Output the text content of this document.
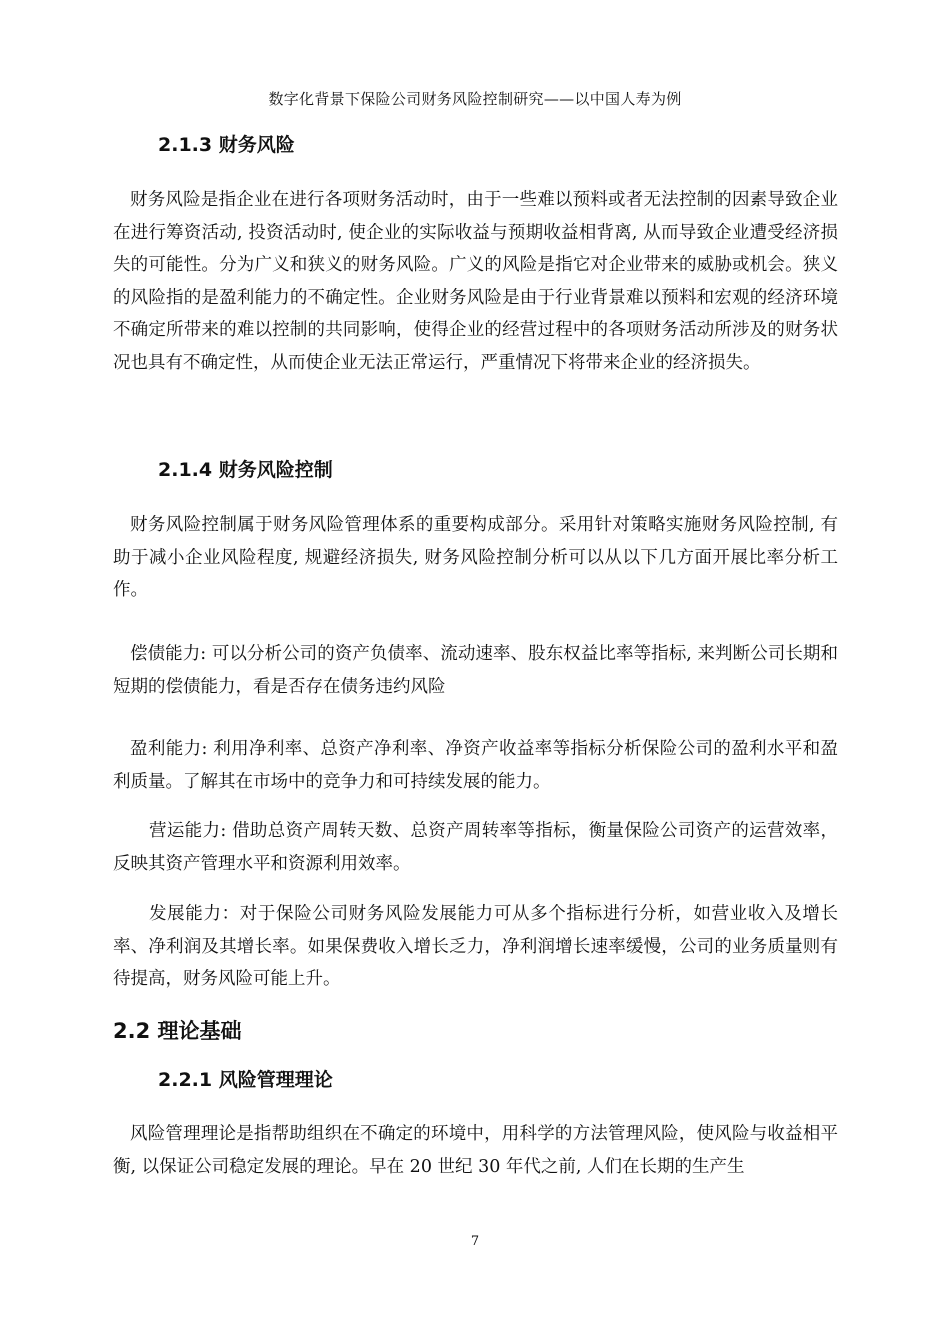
数字化背景下保险公司财务风险控制研究——以中国人寿为例
2.1.3 财务风险

财务风险是指企业在进行各项财务活动时，由于一些难以预料或者无法控制的因素导致企业在进行筹资活动, 投资活动时, 使企业的实际收益与预期收益相背离, 从而导致企业遭受经济损失的可能性。分为广义和狭义的财务风险。广义的风险是指它对企业带来的威胁或机会。狭义的风险指的是盈利能力的不确定性。企业财务风险是由于行业背景难以预料和宏观的经济环境不确定所带来的难以控制的共同影响，使得企业的经营过程中的各项财务活动所涉及的财务状况也具有不确定性，从而使企业无法正常运行，严重情况下将带来企业的经济损失。

2.1.4 财务风险控制

财务风险控制属于财务风险管理体系的重要构成部分。采用针对策略实施财务风险控制, 有助于减小企业风险程度, 规避经济损失, 财务风险控制分析可以从以下几方面开展比率分析工作。

偿债能力: 可以分析公司的资产负债率、流动速率、股东权益比率等指标, 来判断公司长期和短期的偿债能力，看是否存在债务违约风险

盈利能力: 利用净利率、总资产净利率、净资产收益率等指标分析保险公司的盈利水平和盈利质量。了解其在市场中的竞争力和可持续发展的能力。

营运能力: 借助总资产周转天数、总资产周转率等指标，衡量保险公司资产的运营效率，反映其资产管理水平和资源利用效率。

发展能力：对于保险公司财务风险发展能力可从多个指标进行分析，如营业收入及增长率、净利润及其增长率。如果保费收入增长乏力，净利润增长速率缓慢，公司的业务质量则有待提高，财务风险可能上升。

2.2 理论基础
2.2.1 风险管理理论

风险管理理论是指帮助组织在不确定的环境中，用科学的方法管理风险，使风险与收益相平衡, 以保证公司稳定发展的理论。早在 20 世纪 30 年代之前, 人们在长期的生产生

7
